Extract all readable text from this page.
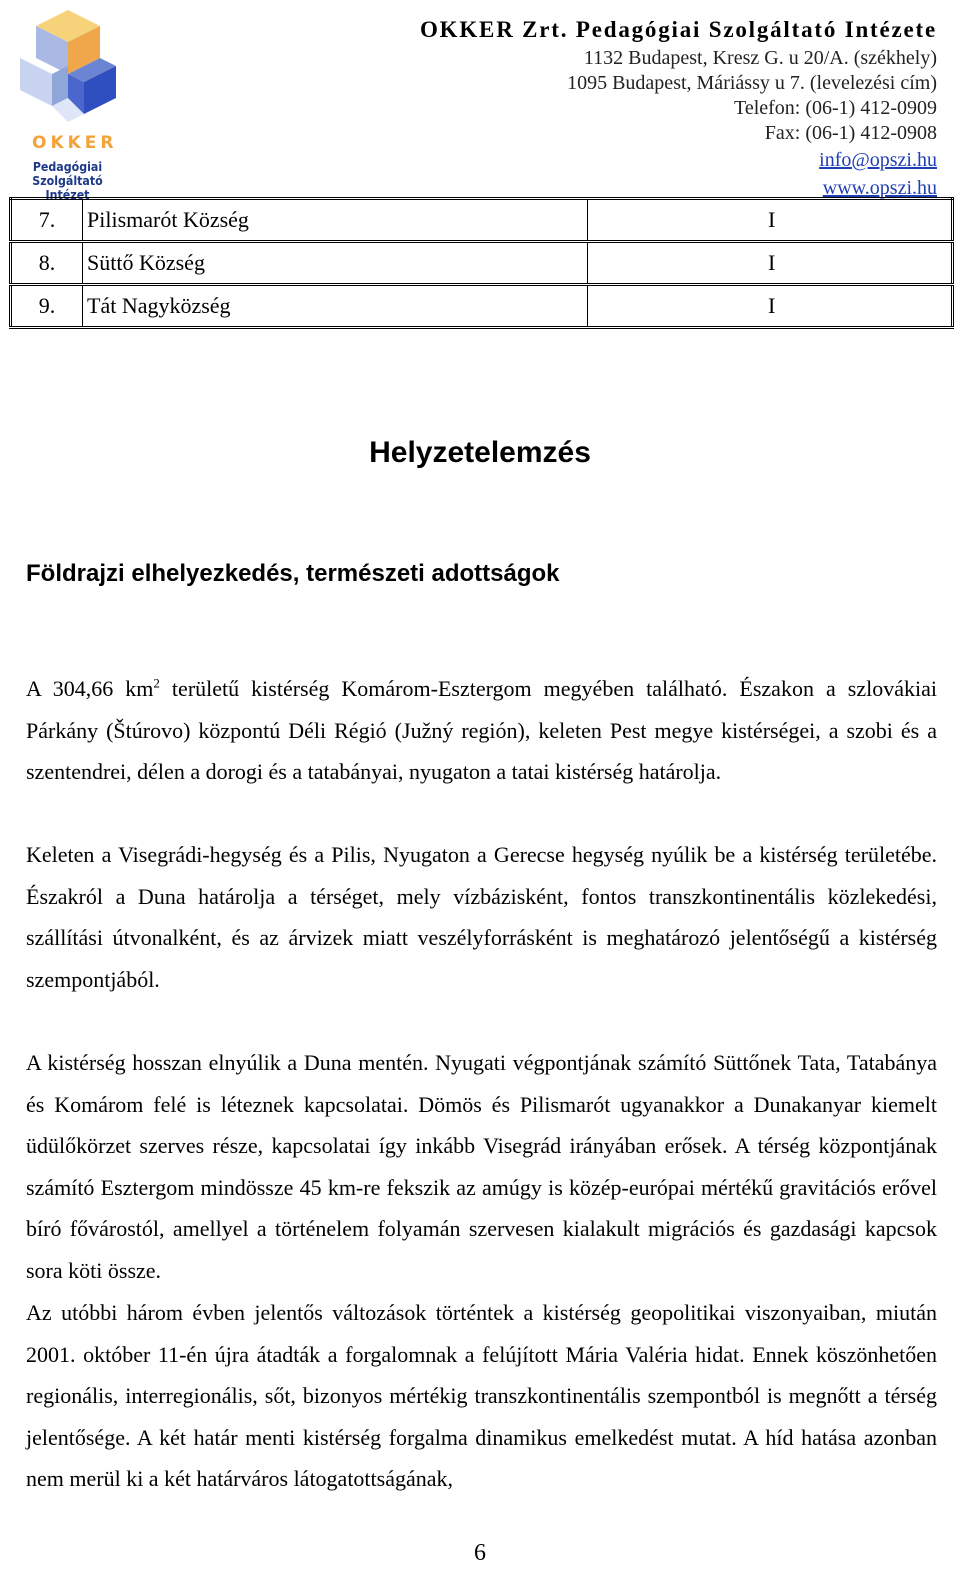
OKKER
Pedagógiai
Szolgáltató Intézet
OKKER Zrt. Pedagógiai Szolgáltató Intézete
1132 Budapest, Kresz G. u 20/A. (székhely)
1095 Budapest, Máriássy u 7. (levelezési cím)
Telefon: (06-1) 412-0909
Fax: (06-1) 412-0908
info@opszi.hu
www.opszi.hu
7.	Pilismarót Község	I
8.	Süttő Község	I
9.	Tát Nagyközség	I
Helyzetelemzés
Földrajzi elhelyezkedés, természeti adottságok

A 304,66 $km^2$ területű kistérség Komárom-Esztergom megyében található. Északon a szlovákiai Párkány (Štúrovo) központú Déli Régió (Južný región), keleten Pest megye kistérségei, a szobi és a szentendrei, délen a dorogi és a tatabányai, nyugaton a tatai kistérség határolja.

Keleten a Visegrádi-hegység és a Pilis, Nyugaton a Gerecse hegység nyúlik be a kistérség területébe. Északról a Duna határolja a térséget, mely vízbázisként, fontos transzkontinentális közlekedési, szállítási útvonalként, és az árvizek miatt veszélyforrásként is meghatározó jelentőségű a kistérség szempontjából.

A kistérség hosszan elnyúlik a Duna mentén. Nyugati végpontjának számító Süttőnek Tata, Tatabánya és Komárom felé is léteznek kapcsolatai. Dömös és Pilismarót ugyanakkor a Dunakanyar kiemelt üdülőkörzet szerves része, kapcsolatai így inkább Visegrád irányában erősek. A térség központjának számító Esztergom mindössze 45 km-re fekszik az amúgy is közép-európai mértékű gravitációs erővel bíró fővárostól, amellyel a történelem folyamán szervesen kialakult migrációs és gazdasági kapcsok sora köti össze.

Az utóbbi három évben jelentős változások történtek a kistérség geopolitikai viszonyaiban, miután 2001. október 11-én újra átadták a forgalomnak a felújított Mária Valéria hidat. Ennek köszönhetően regionális, interregionális, sőt, bizonyos mértékig transzkontinentális szempontból is megnőtt a térség jelentősége. A két határ menti kistérség forgalma dinamikus emelkedést mutat. A híd hatása azonban nem merül ki a két határváros látogatottságának,

6
